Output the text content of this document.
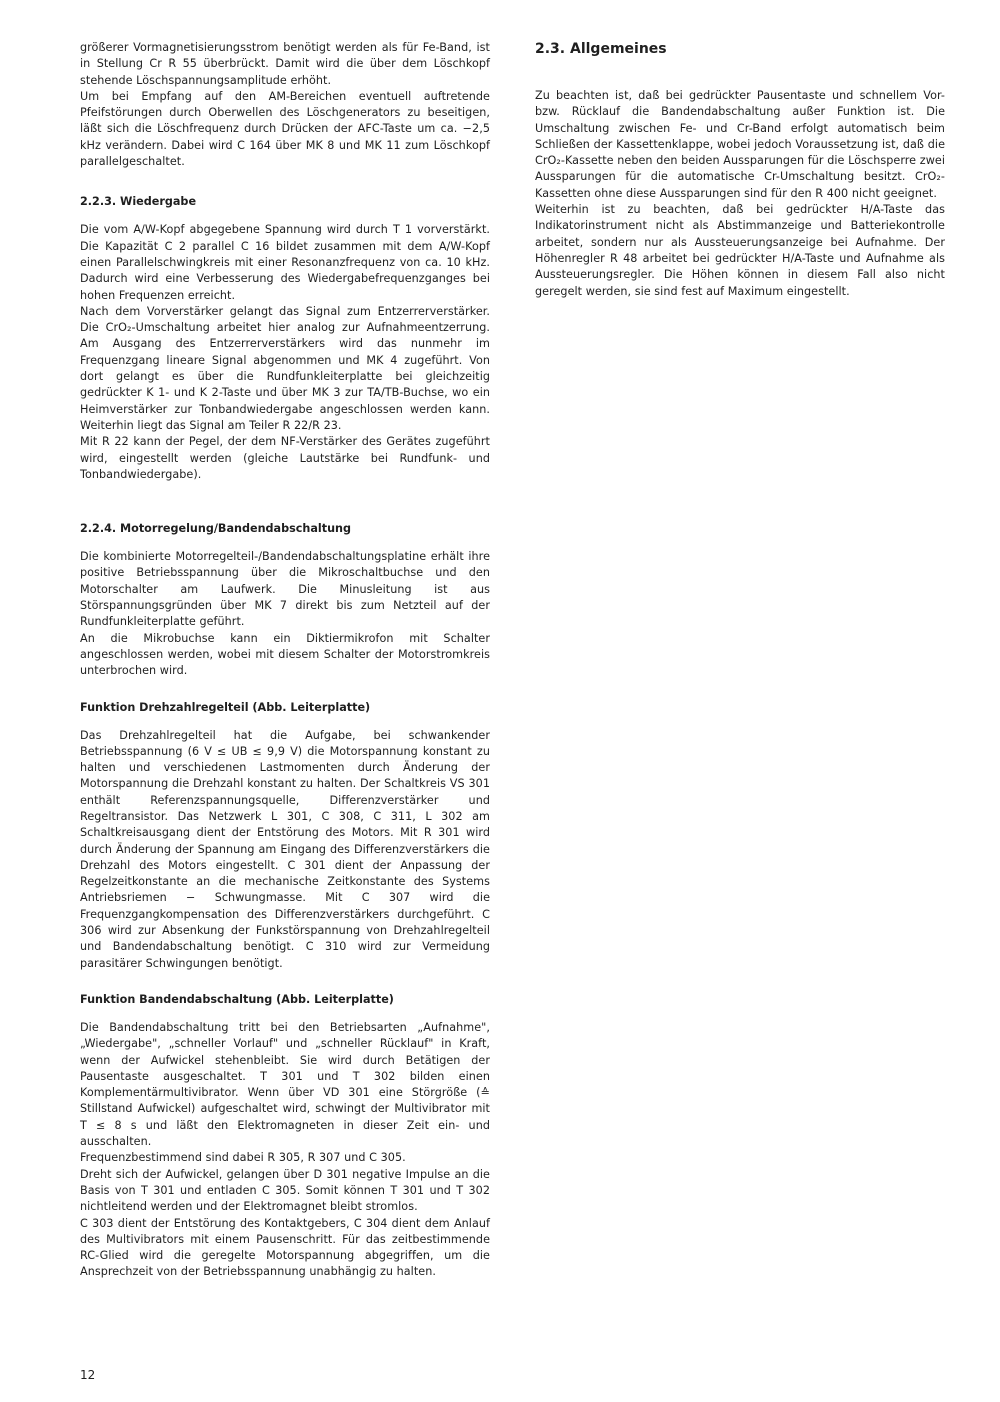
größerer Vormagnetisierungsstrom benötigt werden als für Fe-Band, ist in Stellung Cr R 55 überbrückt. Damit wird die über dem Löschkopf stehende Löschspannungsamplitude erhöht.

Um bei Empfang auf den AM-Bereichen eventuell auftretende Pfeifstörungen durch Oberwellen des Löschgenerators zu beseitigen, läßt sich die Löschfrequenz durch Drücken der AFC-Taste um ca. −2,5 kHz verändern. Dabei wird C 164 über MK 8 und MK 11 zum Löschkopf parallelgeschaltet.

2.2.3. Wiedergabe

Die vom A/W-Kopf abgegebene Spannung wird durch T 1 vorverstärkt. Die Kapazität C 2 parallel C 16 bildet zusammen mit dem A/W-Kopf einen Parallelschwingkreis mit einer Resonanzfrequenz von ca. 10 kHz. Dadurch wird eine Verbesserung des Wiedergabefrequenzganges bei hohen Frequenzen erreicht.

Nach dem Vorverstärker gelangt das Signal zum Entzerrerverstärker. Die CrO₂-Umschaltung arbeitet hier analog zur Aufnahmeentzerrung. Am Ausgang des Entzerrerverstärkers wird das nunmehr im Frequenzgang lineare Signal abgenommen und MK 4 zugeführt. Von dort gelangt es über die Rundfunkleiterplatte bei gleichzeitig gedrückter K 1- und K 2-Taste und über MK 3 zur TA/TB-Buchse, wo ein Heimverstärker zur Tonbandwiedergabe angeschlossen werden kann. Weiterhin liegt das Signal am Teiler R 22/R 23.

Mit R 22 kann der Pegel, der dem NF-Verstärker des Gerätes zugeführt wird, eingestellt werden (gleiche Lautstärke bei Rundfunk- und Tonbandwiedergabe).

2.2.4. Motorregelung/Bandendabschaltung

Die kombinierte Motorregelteil-/Bandendabschaltungsplatine erhält ihre positive Betriebsspannung über die Mikroschaltbuchse und den Motorschalter am Laufwerk. Die Minusleitung ist aus Störspannungsgründen über MK 7 direkt bis zum Netzteil auf der Rundfunkleiterplatte geführt.

An die Mikrobuchse kann ein Diktiermikrofon mit Schalter angeschlossen werden, wobei mit diesem Schalter der Motorstromkreis unterbrochen wird.

Funktion Drehzahlregelteil (Abb. Leiterplatte)

Das Drehzahlregelteil hat die Aufgabe, bei schwankender Betriebsspannung (6 V ≤ UB ≤ 9,9 V) die Motorspannung konstant zu halten und verschiedenen Lastmomenten durch Änderung der Motorspannung die Drehzahl konstant zu halten. Der Schaltkreis VS 301 enthält Referenzspannungsquelle, Differenzverstärker und Regeltransistor. Das Netzwerk L 301, C 308, C 311, L 302 am Schaltkreisausgang dient der Entstörung des Motors. Mit R 301 wird durch Änderung der Spannung am Eingang des Differenzverstärkers die Drehzahl des Motors eingestellt. C 301 dient der Anpassung der Regelzeitkonstante an die mechanische Zeitkonstante des Systems Antriebsriemen − Schwungmasse. Mit C 307 wird die Frequenzgangkompensation des Differenzverstärkers durchgeführt. C 306 wird zur Absenkung der Funkstörspannung von Drehzahlregelteil und Bandendabschaltung benötigt. C 310 wird zur Vermeidung parasitärer Schwingungen benötigt.

Funktion Bandendabschaltung (Abb. Leiterplatte)

Die Bandendabschaltung tritt bei den Betriebsarten „Aufnahme", „Wiedergabe", „schneller Vorlauf" und „schneller Rücklauf" in Kraft, wenn der Aufwickel stehenbleibt. Sie wird durch Betätigen der Pausentaste ausgeschaltet. T 301 und T 302 bilden einen Komplementärmultivibrator. Wenn über VD 301 eine Störgröße (≙ Stillstand Aufwickel) aufgeschaltet wird, schwingt der Multivibrator mit T ≤ 8 s und läßt den Elektromagneten in dieser Zeit ein- und ausschalten.

Frequenzbestimmend sind dabei R 305, R 307 und C 305.

Dreht sich der Aufwickel, gelangen über D 301 negative Impulse an die Basis von T 301 und entladen C 305. Somit können T 301 und T 302 nichtleitend werden und der Elektromagnet bleibt stromlos.

C 303 dient der Entstörung des Kontaktgebers, C 304 dient dem Anlauf des Multivibrators mit einem Pausenschritt. Für das zeitbestimmende RC-Glied wird die geregelte Motorspannung abgegriffen, um die Ansprechzeit von der Betriebsspannung unabhängig zu halten.

2.3. Allgemeines

Zu beachten ist, daß bei gedrückter Pausentaste und schnellem Vor- bzw. Rücklauf die Bandendabschaltung außer Funktion ist. Die Umschaltung zwischen Fe- und Cr-Band erfolgt automatisch beim Schließen der Kassettenklappe, wobei jedoch Voraussetzung ist, daß die CrO₂-Kassette neben den beiden Aussparungen für die Löschsperre zwei Aussparungen für die automatische Cr-Umschaltung besitzt. CrO₂-Kassetten ohne diese Aussparungen sind für den R 400 nicht geeignet.

Weiterhin ist zu beachten, daß bei gedrückter H/A-Taste das Indikatorinstrument nicht als Abstimmanzeige und Batteriekontrolle arbeitet, sondern nur als Aussteuerungsanzeige bei Aufnahme. Der Höhenregler R 48 arbeitet bei gedrückter H/A-Taste und Aufnahme als Aussteuerungsregler. Die Höhen können in diesem Fall also nicht geregelt werden, sie sind fest auf Maximum eingestellt.

12
